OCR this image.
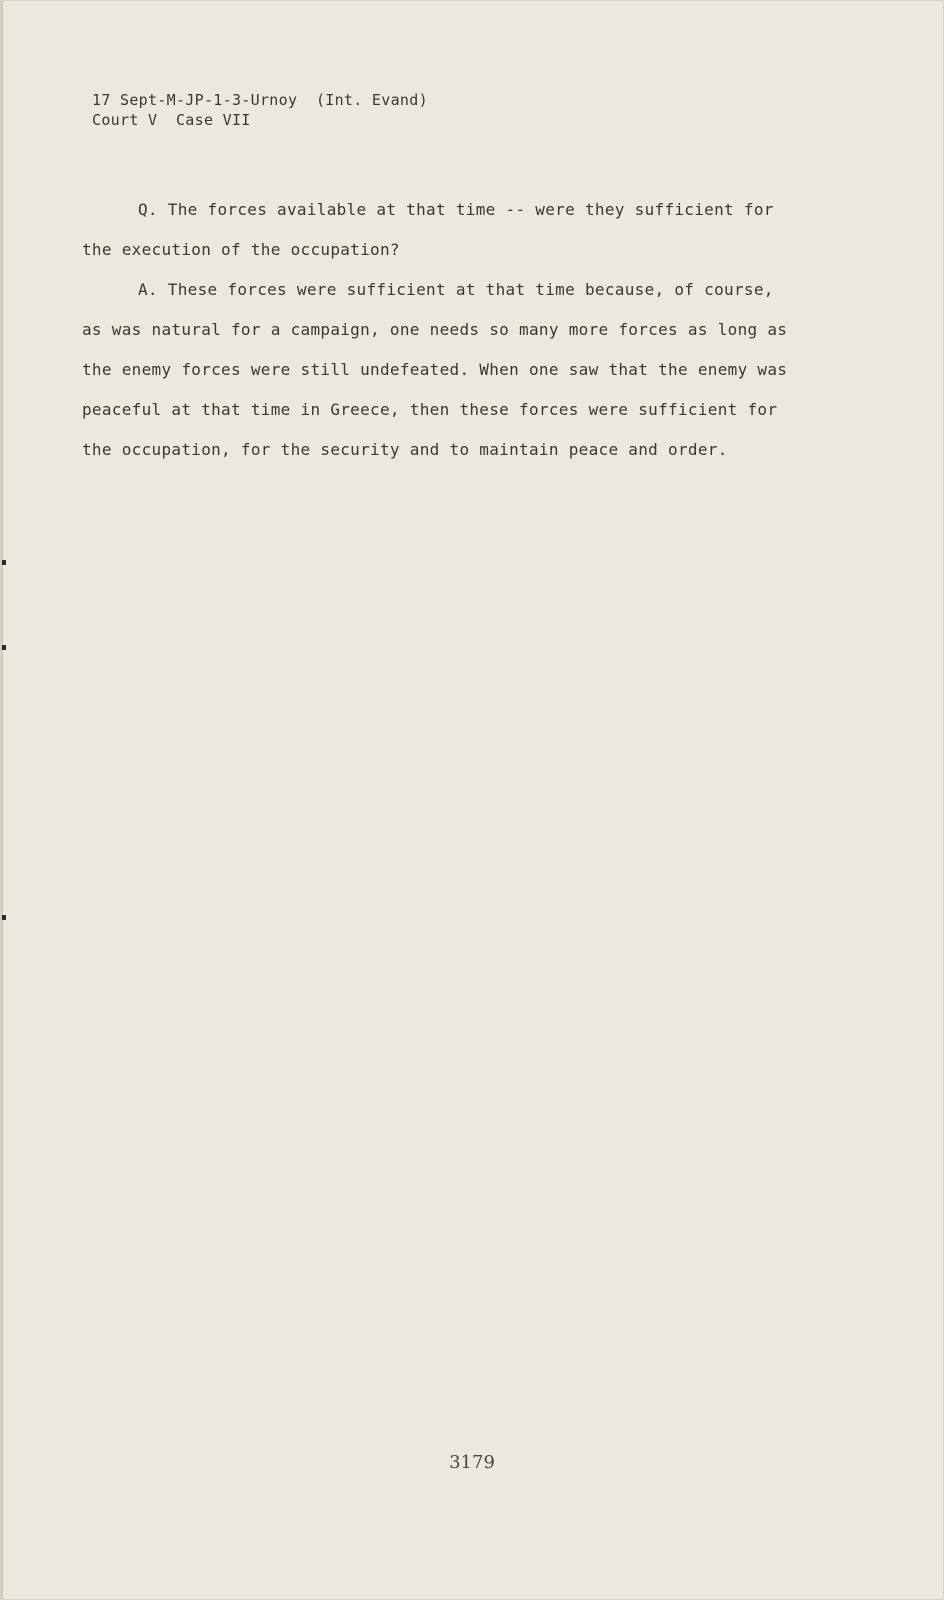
17 Sept-M-JP-1-3-Urnoy  (Int. Evand)
Court V  Case VII

Q. The forces available at that time -- were they sufficient for the execution of the occupation?

A. These forces were sufficient at that time because, of course, as was natural for a campaign, one needs so many more forces as long as the enemy forces were still undefeated. When one saw that the enemy was peaceful at that time in Greece, then these forces were sufficient for the occupation, for the security and to maintain peace and order.

3179
